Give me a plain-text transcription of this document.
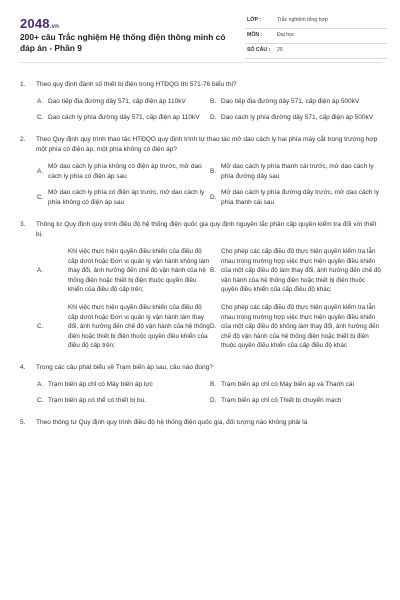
2048.vn
200+ câu Trắc nghiệm Hệ thống điện thông minh có đáp án - Phần 9
LỚP :	Trắc nghiệm tổng hợp
MÔN :	Đại học
SỐ CÂU : 25
1. Theo quy định đánh số thiết bị điện trong HTĐQG thì 571-76 biểu thị?
A. Dao tiếp địa đường dây 571, cấp điện áp 110kV	B. Dao tiếp địa đường dây 571, cấp điện áp 500kV
C. Dao cách ly phía đường dây 571, cấp điện áp 110kV	D. Dao cách ly phía đường dây 571, cấp điện áp 500kV
2. Theo Quy định quy trình thao tác HTĐQG quy định trình tự thao tác mở dao cách ly hai phía máy cắt trong trường hợp một phía có điện áp, một phía không có điện áp?
A.
Mở dao cách ly phía không có điện áp trước, mở dao cách ly phía có điện áp sau
B.
Mở dao cách ly phía thanh cái trước, mở dao cách ly phía đường dây sau
C.
Mở dao cách ly phía có điện áp trước, mở dao cách ly phía không có điện áp sau
D.
Mở dao cách ly phía đường dây trước, mở dao cách ly phía thanh cái sau
3. Thông tư Quy định quy trình điều độ hệ thống điện quốc gia quy định nguyên tắc phân cấp quyền kiểm tra đối với thiết bị.
A.
Khi việc thực hiện quyền điều khiển của điều độ cấp dưới hoặc Đơn vị quản lý vận hành không làm thay đổi, ảnh hưởng đến chế độ vận hành của hệ thống điện hoặc thiết bị điện thuộc quyền điều khiển của điều độ cấp trên;
B.
Cho phép các cấp điều độ thực hiện quyền kiểm tra lẫn nhau trong trường hợp việc thực hiện quyền điều khiển của một cấp điều độ làm thay đổi, ảnh hưởng đến chế độ vận hành của hệ thống điện hoặc thiết bị điện thuộc quyền điều khiển của cấp điều độ khác;
C.
Khi việc thực hiện quyền điều khiển của điều độ cấp dưới hoặc Đơn vị quản lý vận hành làm thay đổi, ảnh hưởng đến chế độ vận hành của hệ thống điện hoặc thiết bị điện thuộc quyền điều khiển của điều độ cấp trên;
D.
Cho phép các cấp điều độ thực hiện quyền kiểm tra lẫn nhau trong trường hợp việc thực hiện quyền điều khiển của một cấp điều độ không làm thay đổi, ảnh hưởng đến chế độ vận hành của hệ thống điện hoặc thiết bị điện thuộc quyền điều khiển của cấp điều độ khác
4. Trong các câu phát biểu về Trạm biến áp sau, câu nào đúng?
A. Trạm biến áp chỉ có Máy biến áp lực	B. Trạm biến áp chỉ có Máy biến áp và Thanh cái
C. Trạm biến áp có thể có thiết bị bù.	D. Trạm biến áp chỉ có Thiết bị chuyển mạch
5. Theo thông tư Quy định quy trình điều độ hệ thống điện quốc gia, đối tượng nào không phải là
